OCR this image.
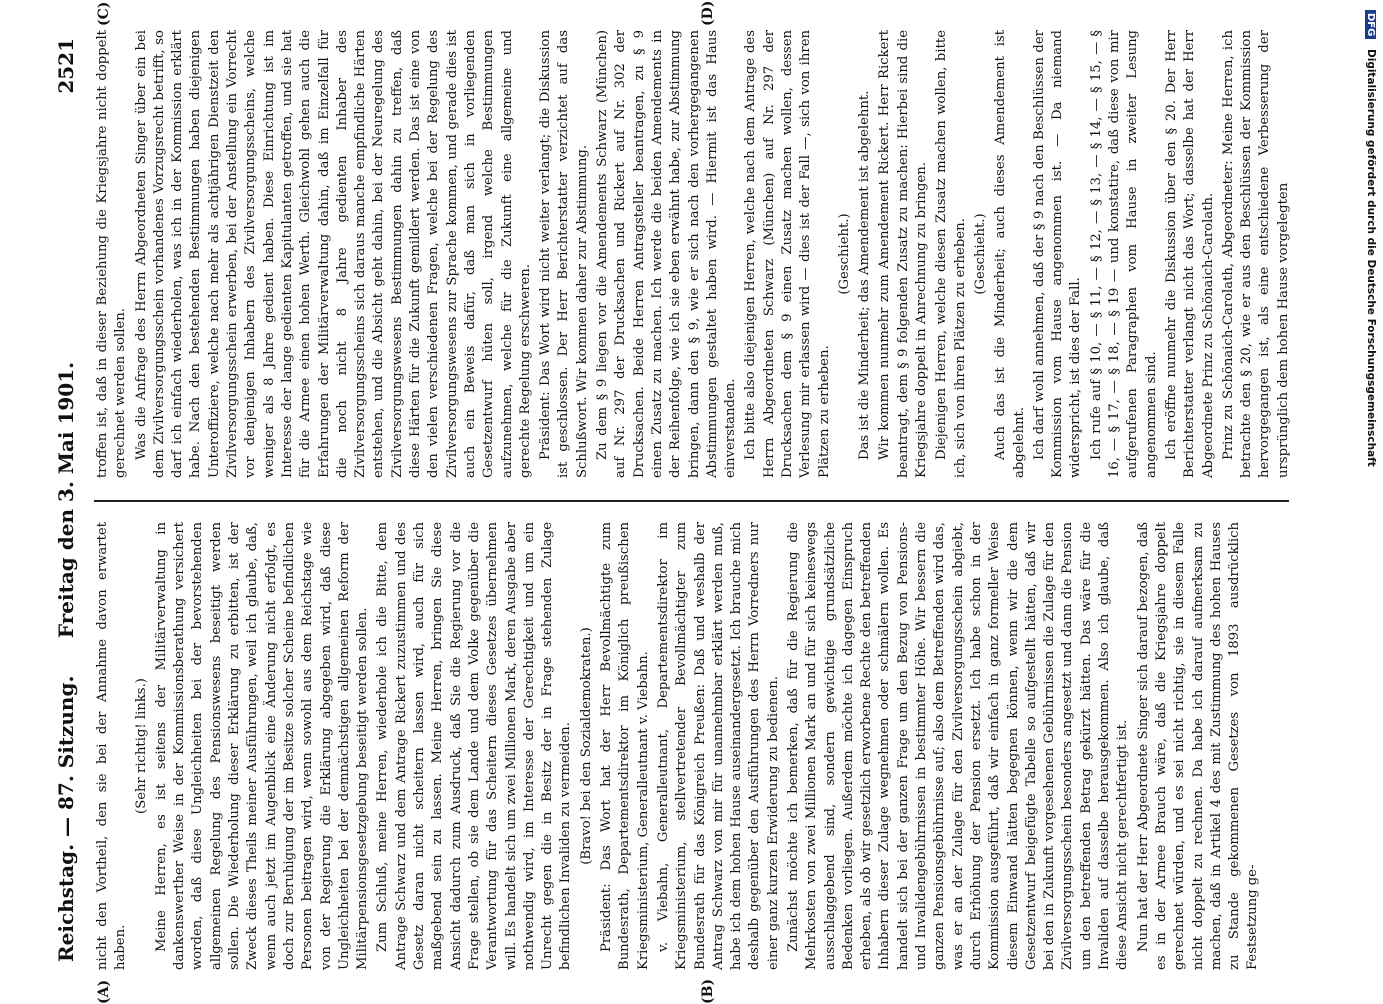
Reichstag. — 87. Sitzung.
Freitag den 3. Mai 1901.
2521

nicht den Vortheil, den sie bei der Annahme davon erwartet haben.

(Sehr richtig! links.) Meine Herren, es ist seitens der Militärverwaltung in dankenswerther Weise in der Kommissionsberathung versichert worden, daß diese Ungleichheiten bei der bevorstehenden allgemeinen Regelung des Pensionswesens beseitigt werden sollen. Die Wiederholung dieser Erklärung zu erbitten, ist der Zweck dieses Theils meiner Ausführungen, weil ich glaube, daß, wenn auch jetzt im Augenblick eine Änderung nicht erfolgt, es doch zur Beruhigung der im Besitze solcher Scheine befindlichen Personen beitragen wird, wenn sowohl aus dem Reichstage wie von der Regierung die Erklärung abgegeben wird, daß diese Ungleichheiten bei der demnächstigen allgemeinen Reform der Militärpensionsgesetzgebung beseitigt werden sollen. Zum Schluß, meine Herren, wiederhole ich die Bitte, dem Antrage Schwarz und dem Antrage Rickert zuzustimmen und des Gesetz daran nicht scheitern lassen wird, auch für sich maßgebend sein zu lassen. Meine Herren, bringen Sie diese Ansicht dadurch zum Ausdruck, daß Sie die Regierung vor die Frage stellen, ob sie dem Lande und dem Volke gegenüber die Verantwortung für das Scheitern dieses Gesetzes übernehmen will. Es handelt sich um zwei Millionen Mark, deren Ausgabe aber nothwendig wird, im Interesse der Gerechtigkeit und um ein Unrecht gegen die in Besitz der in Frage stehenden Zulage befindlichen Invaliden zu vermeiden. (Bravo! bei den Sozialdemokraten.) Präsident: Das Wort hat der Herr Bevollmächtigte zum Bundesrath, Departementsdirektor im Königlich preußischen Kriegsministerium, Generalleutnant v. Viebahn. v. Viebahn, Generalleutnant, Departementsdirektor im Kriegsministerium, stellvertretender Bevollmächtigter zum Bundesrath für das Königreich Preußen: Daß und weshalb der Antrag Schwarz von mir für unannehmbar erklärt werden muß, habe ich dem hohen Hause auseinandergesetzt. Ich brauche mich deshalb gegenüber den Ausführungen des Herrn Vorredners nur einer ganz kurzen Erwiderung zu bedienen. Zunächst möchte ich bemerken, daß für die Regierung die Mehrkosten von zwei Millionen Mark an und für sich keineswegs ausschlaggebend sind, sondern gewichtige grundsätzliche Bedenken vorliegen. Außerdem möchte ich dagegen Einspruch erheben, als ob wir gesetzlich erworbene Rechte den betreffenden Inhabern dieser Zulage wegnehmen oder schmälern wollen. Es handelt sich bei der ganzen Frage um den Bezug von Pensions- und Invalidengebührnissen in bestimmter Höhe. Wir bessern die ganzen Pensionsgebührnisse auf; also dem Betreffenden wird das, was er an der Zulage für den Zivilversorgungsschein abgiebt, durch Erhöhung der Pension ersetzt. Ich habe schon in der Kommission ausgeführt, daß wir einfach in ganz formeller Weise diesem Einwand hätten begegnen können, wenn wir die dem Gesetzentwurf beigefügte Tabelle so aufgestellt hätten, daß wir bei den in Zukunft vorgesehenen Gebührnissen die Zulage für den Zivilversorgungsschein besonders angesetzt und dann die Pension um den betreffenden Betrag gekürzt hätten. Das wäre für die Invaliden auf dasselbe herausgekommen. Also ich glaube, daß diese Ansicht nicht gerechtfertigt ist. Nun hat der Herr Abgeordnete Singer sich darauf bezogen, daß es in der Armee Brauch wäre, daß die Kriegsjahre doppelt gerechnet würden, und es sei nicht richtig, sie in diesem Falle nicht doppelt zu rechnen. Da habe ich darauf aufmerksam zu machen, daß in Artikel 4 des mit Zustimmung des hohen Hauses zu Stande gekommenen Gesetzes von 1893 ausdrücklich Festsetzung ge-

troffen ist, daß in dieser Beziehung die Kriegsjahre nicht doppelt gerechnet werden sollen. Was die Anfrage des Herrn Abgeordneten Singer über ein bei dem Zivilversorgungsschein vorhandenes Vorzugsrecht betrifft, so darf ich einfach wiederholen, was ich in der Kommission erklärt habe. Nach den bestehenden Bestimmungen haben diejenigen Unteroffiziere, welche nach mehr als achtjährigen Dienstzeit den Zivilversorgungsschein erwerben, bei der Anstellung ein Vorrecht vor denjenigen Inhabern des Zivilversorgungsscheins, welche weniger als 8 Jahre gedient haben. Diese Einrichtung ist im Interesse der lange gedienten Kapitulanten getroffen, und sie hat für die Armee einen hohen Werth. Gleichwohl gehen auch die Erfahrungen der Militärverwaltung dahin, daß im Einzelfall für die noch nicht 8 Jahre gedienten Inhaber des Zivilversorgungsscheins sich daraus manche empfindliche Härten entstehen, und die Absicht geht dahin, bei der Neuregelung des Zivilversorgungswesens Bestimmungen dahin zu treffen, daß diese Härten für die Zukunft gemildert werden. Das ist eine von den vielen verschiedenen Fragen, welche bei der Regelung des Zivilversorgungswesens zur Sprache kommen, und gerade dies ist auch ein Beweis dafür, daß man sich in vorliegenden Gesetzentwurf hüten soll, irgend welche Bestimmungen aufzunehmen, welche für die Zukunft eine allgemeine und gerechte Regelung erschweren. Präsident: Das Wort wird nicht weiter verlangt; die Diskussion ist geschlossen. Der Herr Berichterstatter verzichtet auf das Schlußwort. Wir kommen daher zur Abstimmung. Zu dem § 9 liegen vor die Amendements Schwarz (München) auf Nr. 297 der Drucksachen und Rickert auf Nr. 302 der Drucksachen. Beide Herren Antragsteller beantragen, zu § 9 einen Zusatz zu machen. Ich werde die beiden Amendements in der Reihenfolge, wie ich sie eben erwähnt habe, zur Abstimmung bringen, dann den § 9, wie er sich nach den vorhergegangenen Abstimmungen gestaltet haben wird. — Hiermit ist das Haus einverstanden. Ich bitte also diejenigen Herren, welche nach dem Antrage des Herrn Abgeordneten Schwarz (München) auf Nr. 297 der Drucksachen dem § 9 einen Zusatz machen wollen, dessen Verlesung mir erlassen wird — dies ist der Fall —, sich von ihren Plätzen zu erheben.

(Geschieht.) Das ist die Minderheit; das Amendement ist abgelehnt. Wir kommen nunmehr zum Amendement Rickert. Herr Rickert beantragt, dem § 9 folgenden Zusatz zu machen: Hierbei sind die Kriegsjahre doppelt in Anrechnung zu bringen. Diejenigen Herren, welche diesen Zusatz machen wollen, bitte ich, sich von ihren Plätzen zu erheben. (Geschieht.) Auch das ist die Minderheit; auch dieses Amendement ist abgelehnt. Ich darf wohl annehmen, daß der § 9 nach den Beschlüssen der Kommission vom Hause angenommen ist. — Da niemand widerspricht, ist dies der Fall. Ich rufe auf § 10, — § 11, — § 12, — § 13, — § 14, — § 15, — § 16, — § 17, — § 18, — § 19 — und konstatire, daß diese von mir aufgerufenen Paragraphen vom Hause in zweiter Lesung angenommen sind. Ich eröffne nunmehr die Diskussion über den § 20. Der Herr Berichterstatter verlangt nicht das Wort; dasselbe hat der Herr Abgeordnete Prinz zu Schönaich-Carolath. Prinz zu Schönaich-Carolath, Abgeordneter: Meine Herren, ich betrachte den § 20, wie er aus den Beschlüssen der Kommission hervorgegangen ist, als eine entschiedene Verbesserung der ursprünglich dem hohen Hause vorgelegten

(A)	(B)
(C)	(D)	DFG Digitalisierung gefördert durch die Deutsche Forschungsgemeinschaft
